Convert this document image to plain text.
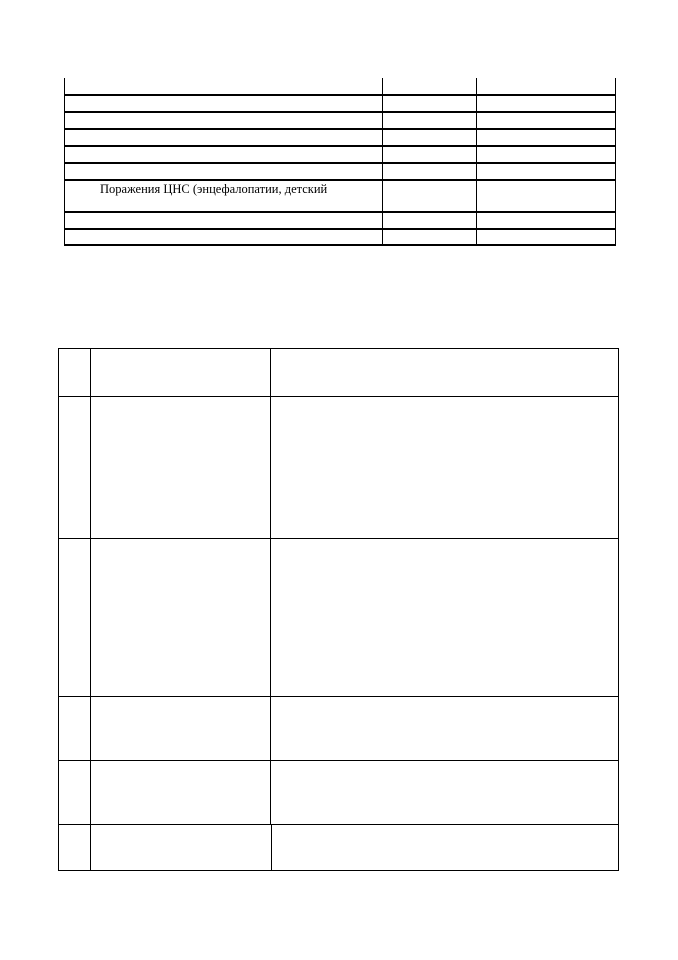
Поражения ЦНС (энцефалопатии, детский
